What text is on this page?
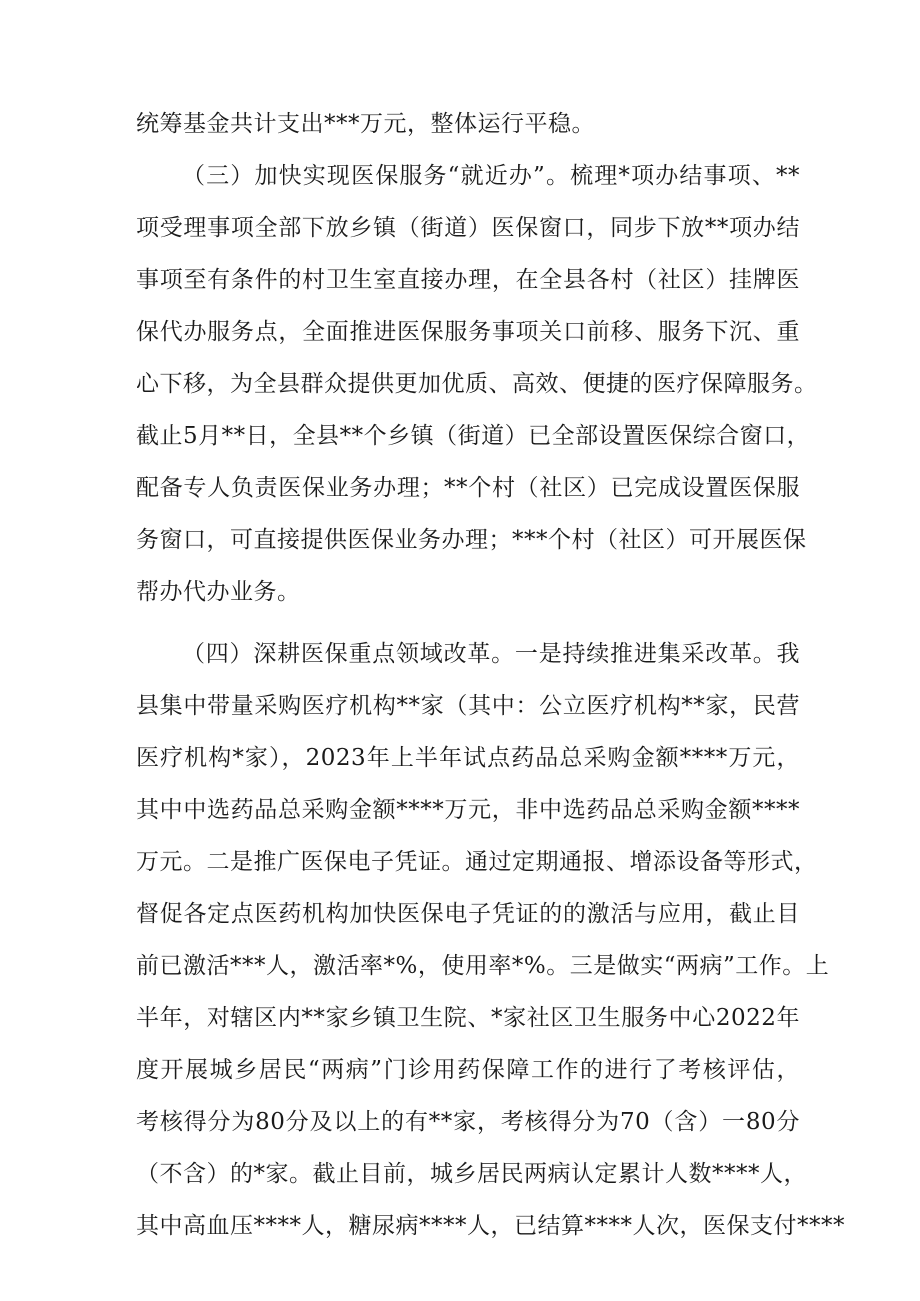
统筹基金共计支出***万元，整体运行平稳。
（三）加快实现医保服务“就近办”。梳理*项办结事项、**
项受理事项全部下放乡镇（街道）医保窗口，同步下放**项办结
事项至有条件的村卫生室直接办理，在全县各村（社区）挂牌医
保代办服务点，全面推进医保服务事项关口前移、服务下沉、重
心下移，为全县群众提供更加优质、高效、便捷的医疗保障服务。
截止5月**日，全县**个乡镇（街道）已全部设置医保综合窗口，
配备专人负责医保业务办理；**个村（社区）已完成设置医保服
务窗口，可直接提供医保业务办理；***个村（社区）可开展医保
帮办代办业务。
（四）深耕医保重点领域改革。一是持续推进集采改革。我
县集中带量采购医疗机构**家（其中：公立医疗机构**家，民营
医疗机构*家），2023年上半年试点药品总采购金额****万元，
其中中选药品总采购金额****万元，非中选药品总采购金额****
万元。二是推广医保电子凭证。通过定期通报、增添设备等形式，
督促各定点医药机构加快医保电子凭证的的激活与应用，截止目
前已激活***人，激活率*%，使用率*%。三是做实“两病”工作。上
半年，对辖区内**家乡镇卫生院、*家社区卫生服务中心2022年
度开展城乡居民“两病”门诊用药保障工作的进行了考核评估，
考核得分为80分及以上的有**家，考核得分为70（含）一80分
（不含）的*家。截止目前，城乡居民两病认定累计人数****人，
其中高血压****人，糖尿病****人，已结算****人次，医保支付****
